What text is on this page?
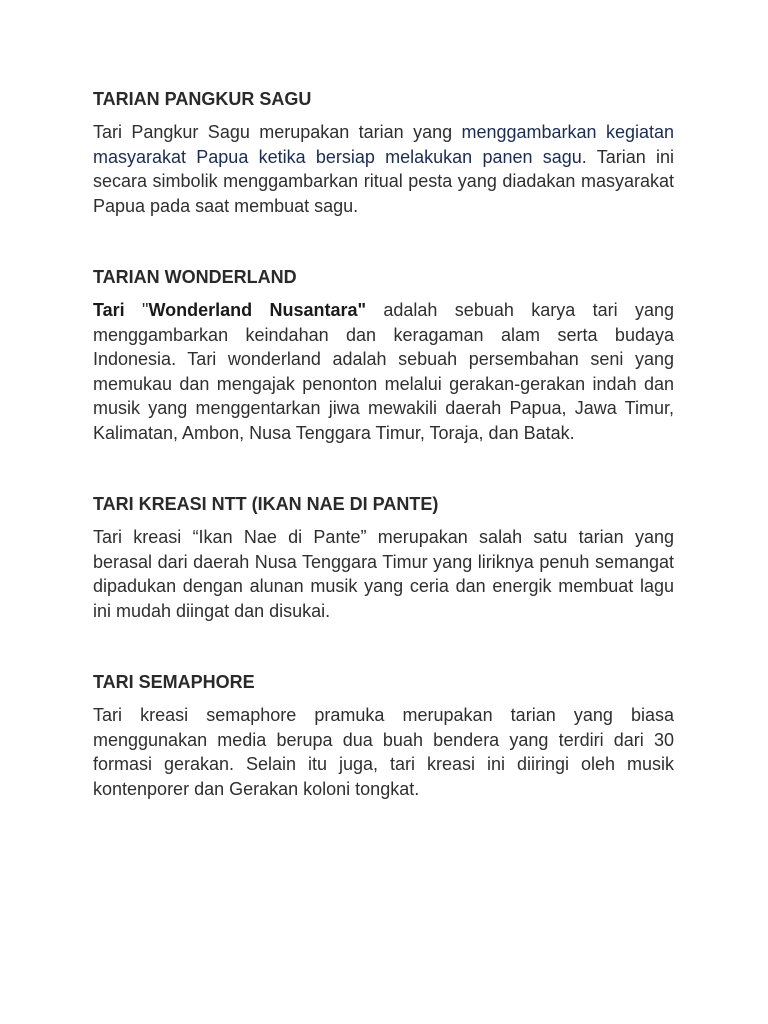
TARIAN PANGKUR SAGU

Tari Pangkur Sagu merupakan tarian yang menggambarkan kegiatan masyarakat Papua ketika bersiap melakukan panen sagu. Tarian ini secara simbolik menggambarkan ritual pesta yang diadakan masyarakat Papua pada saat membuat sagu.

TARIAN WONDERLAND

Tari "Wonderland Nusantara" adalah sebuah karya tari yang menggambarkan keindahan dan keragaman alam serta budaya Indonesia. Tari wonderland adalah sebuah persembahan seni yang memukau dan mengajak penonton melalui gerakan-gerakan indah dan musik yang menggentarkan jiwa mewakili daerah Papua, Jawa Timur, Kalimatan, Ambon, Nusa Tenggara Timur, Toraja, dan Batak.

TARI KREASI NTT (IKAN NAE DI PANTE)

Tari kreasi “Ikan Nae di Pante” merupakan salah satu tarian yang berasal dari daerah Nusa Tenggara Timur yang liriknya penuh semangat dipadukan dengan alunan musik yang ceria dan energik membuat lagu ini mudah diingat dan disukai.

TARI SEMAPHORE

Tari kreasi semaphore pramuka merupakan tarian yang biasa menggunakan media berupa dua buah bendera yang terdiri dari 30 formasi gerakan. Selain itu juga, tari kreasi ini diiringi oleh musik kontenporer dan Gerakan koloni tongkat.
